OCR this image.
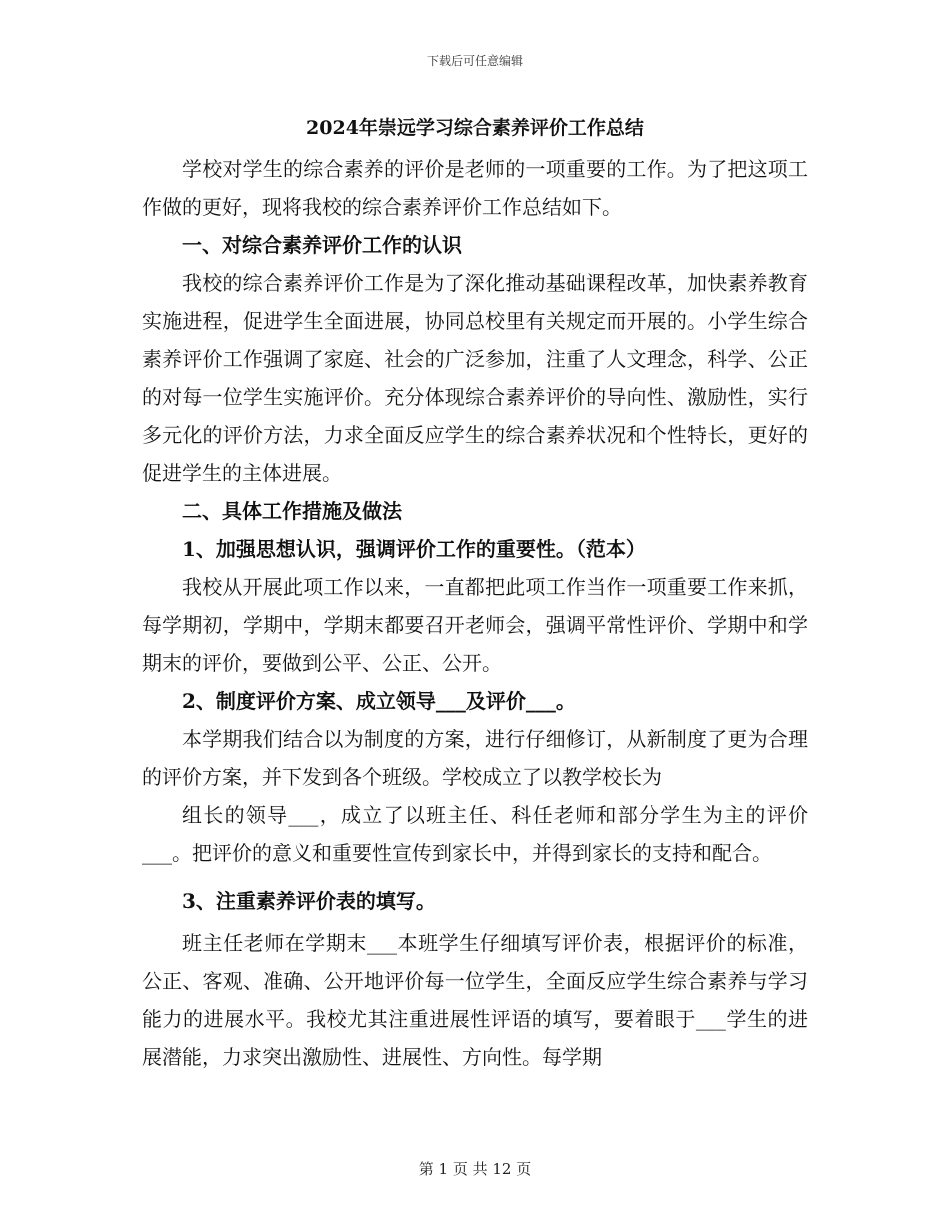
下载后可任意编辑
2024年崇远学习综合素养评价工作总结

学校对学生的综合素养的评价是老师的一项重要的工作。为了把这项工作做的更好，现将我校的综合素养评价工作总结如下。

一、对综合素养评价工作的认识

我校的综合素养评价工作是为了深化推动基础课程改革，加快素养教育实施进程，促进学生全面进展，协同总校里有关规定而开展的。小学生综合素养评价工作强调了家庭、社会的广泛参加，注重了人文理念，科学、公正的对每一位学生实施评价。充分体现综合素养评价的导向性、激励性，实行多元化的评价方法，力求全面反应学生的综合素养状况和个性特长，更好的促进学生的主体进展。

二、具体工作措施及做法

1、加强思想认识，强调评价工作的重要性。（范本）

我校从开展此项工作以来，一直都把此项工作当作一项重要工作来抓，每学期初，学期中，学期末都要召开老师会，强调平常性评价、学期中和学期末的评价，要做到公平、公正、公开。

2、制度评价方案、成立领导___及评价___。

本学期我们结合以为制度的方案，进行仔细修订，从新制度了更为合理的评价方案，并下发到各个班级。学校成立了以教学校长为

组长的领导___，成立了以班主任、科任老师和部分学生为主的评价___。把评价的意义和重要性宣传到家长中，并得到家长的支持和配合。

3、注重素养评价表的填写。

班主任老师在学期末___本班学生仔细填写评价表，根据评价的标准，公正、客观、准确、公开地评价每一位学生，全面反应学生综合素养与学习能力的进展水平。我校尤其注重进展性评语的填写，要着眼于___学生的进展潜能，力求突出激励性、进展性、方向性。每学期

第 1 页 共 12 页
